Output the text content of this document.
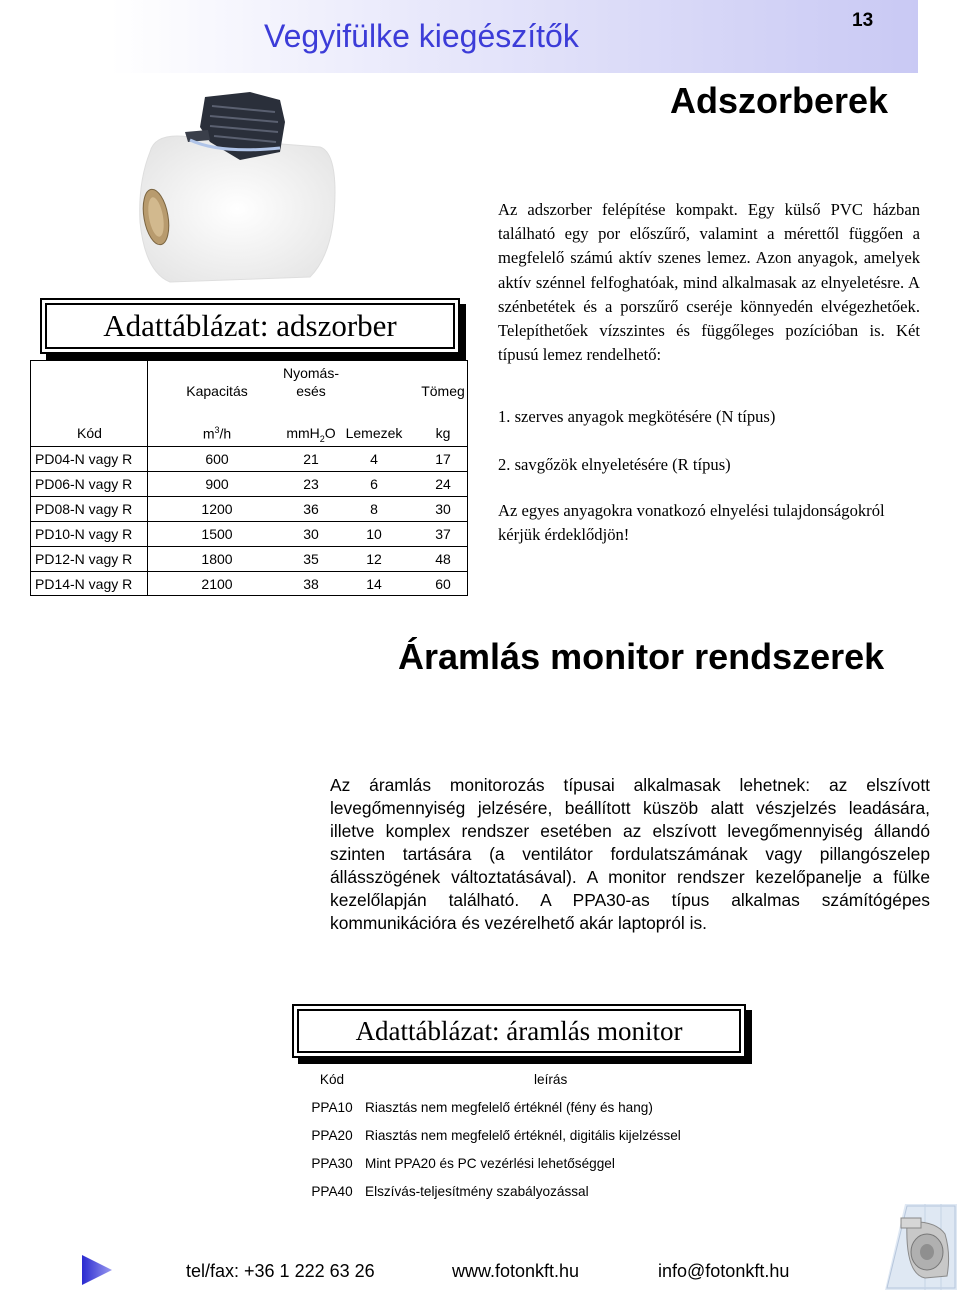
Vegyifülke kiegészítők	13
Adszorberek
Adattáblázat: adszorber
Kapacitás
Nyomás-
esés	Tömeg
Kód	$m^3/h$	mmH$_2$O Lemezek	kg
PD04-N vagy R	600	21	4	17
PD06-N vagy R	900	23	6	24
PD08-N vagy R	1200	36	8	30
PD10-N vagy R	1500	30	10	37
PD12-N vagy R	1800	35	12	48
PD14-N vagy R	2100	38	14	60
Az adszorber felépítése kompakt. Egy külső PVC házban található egy por előszűrő, valamint a mérettől függően a megfelelő számú aktív szenes lemez. Azon anyagok, amelyek aktív szénnel felfoghatóak, mind alkalmasak az elnyeletésre. A szénbetétek és a porszűrő cseréje könnyedén elvégezhetőek. Telepíthetőek vízszintes és függőleges pozícióban is. Két típusú lemez rendelhető:
1. szerves anyagok megkötésére (N típus)
2. savgőzök elnyeletésére (R típus)
Az egyes anyagokra vonatkozó elnyelési tulajdonságokról kérjük érdeklődjön!
Áramlás monitor rendszerek
Az áramlás monitorozás típusai alkalmasak lehetnek: az elszívott levegőmennyiség jelzésére, beállított küszöb alatt vészjelzés leadására, illetve komplex rendszer esetében az elszívott levegőmennyiség állandó szinten tartására (a ventilátor fordulatszámának vagy pillangószelep állásszögének változtatásával). A monitor rendszer kezelőpanelje a fülke kezelőlapján található. A PPA30-as típus alkalmas számítógépes kommunikációra és vezérelhető akár laptopról is.
Adattáblázat: áramlás monitor
Kód	leírás
PPA10 Riasztás nem megfelelő értéknél (fény és hang)
PPA20 Riasztás nem megfelelő értéknél, digitális kijelzéssel
PPA30 Mint PPA20 és PC vezérlési lehetőséggel
PPA40 Elszívás-teljesítmény szabályozással
tel/fax: +36 1 222 63 26	www.fotonkft.hu	info@fotonkft.hu
